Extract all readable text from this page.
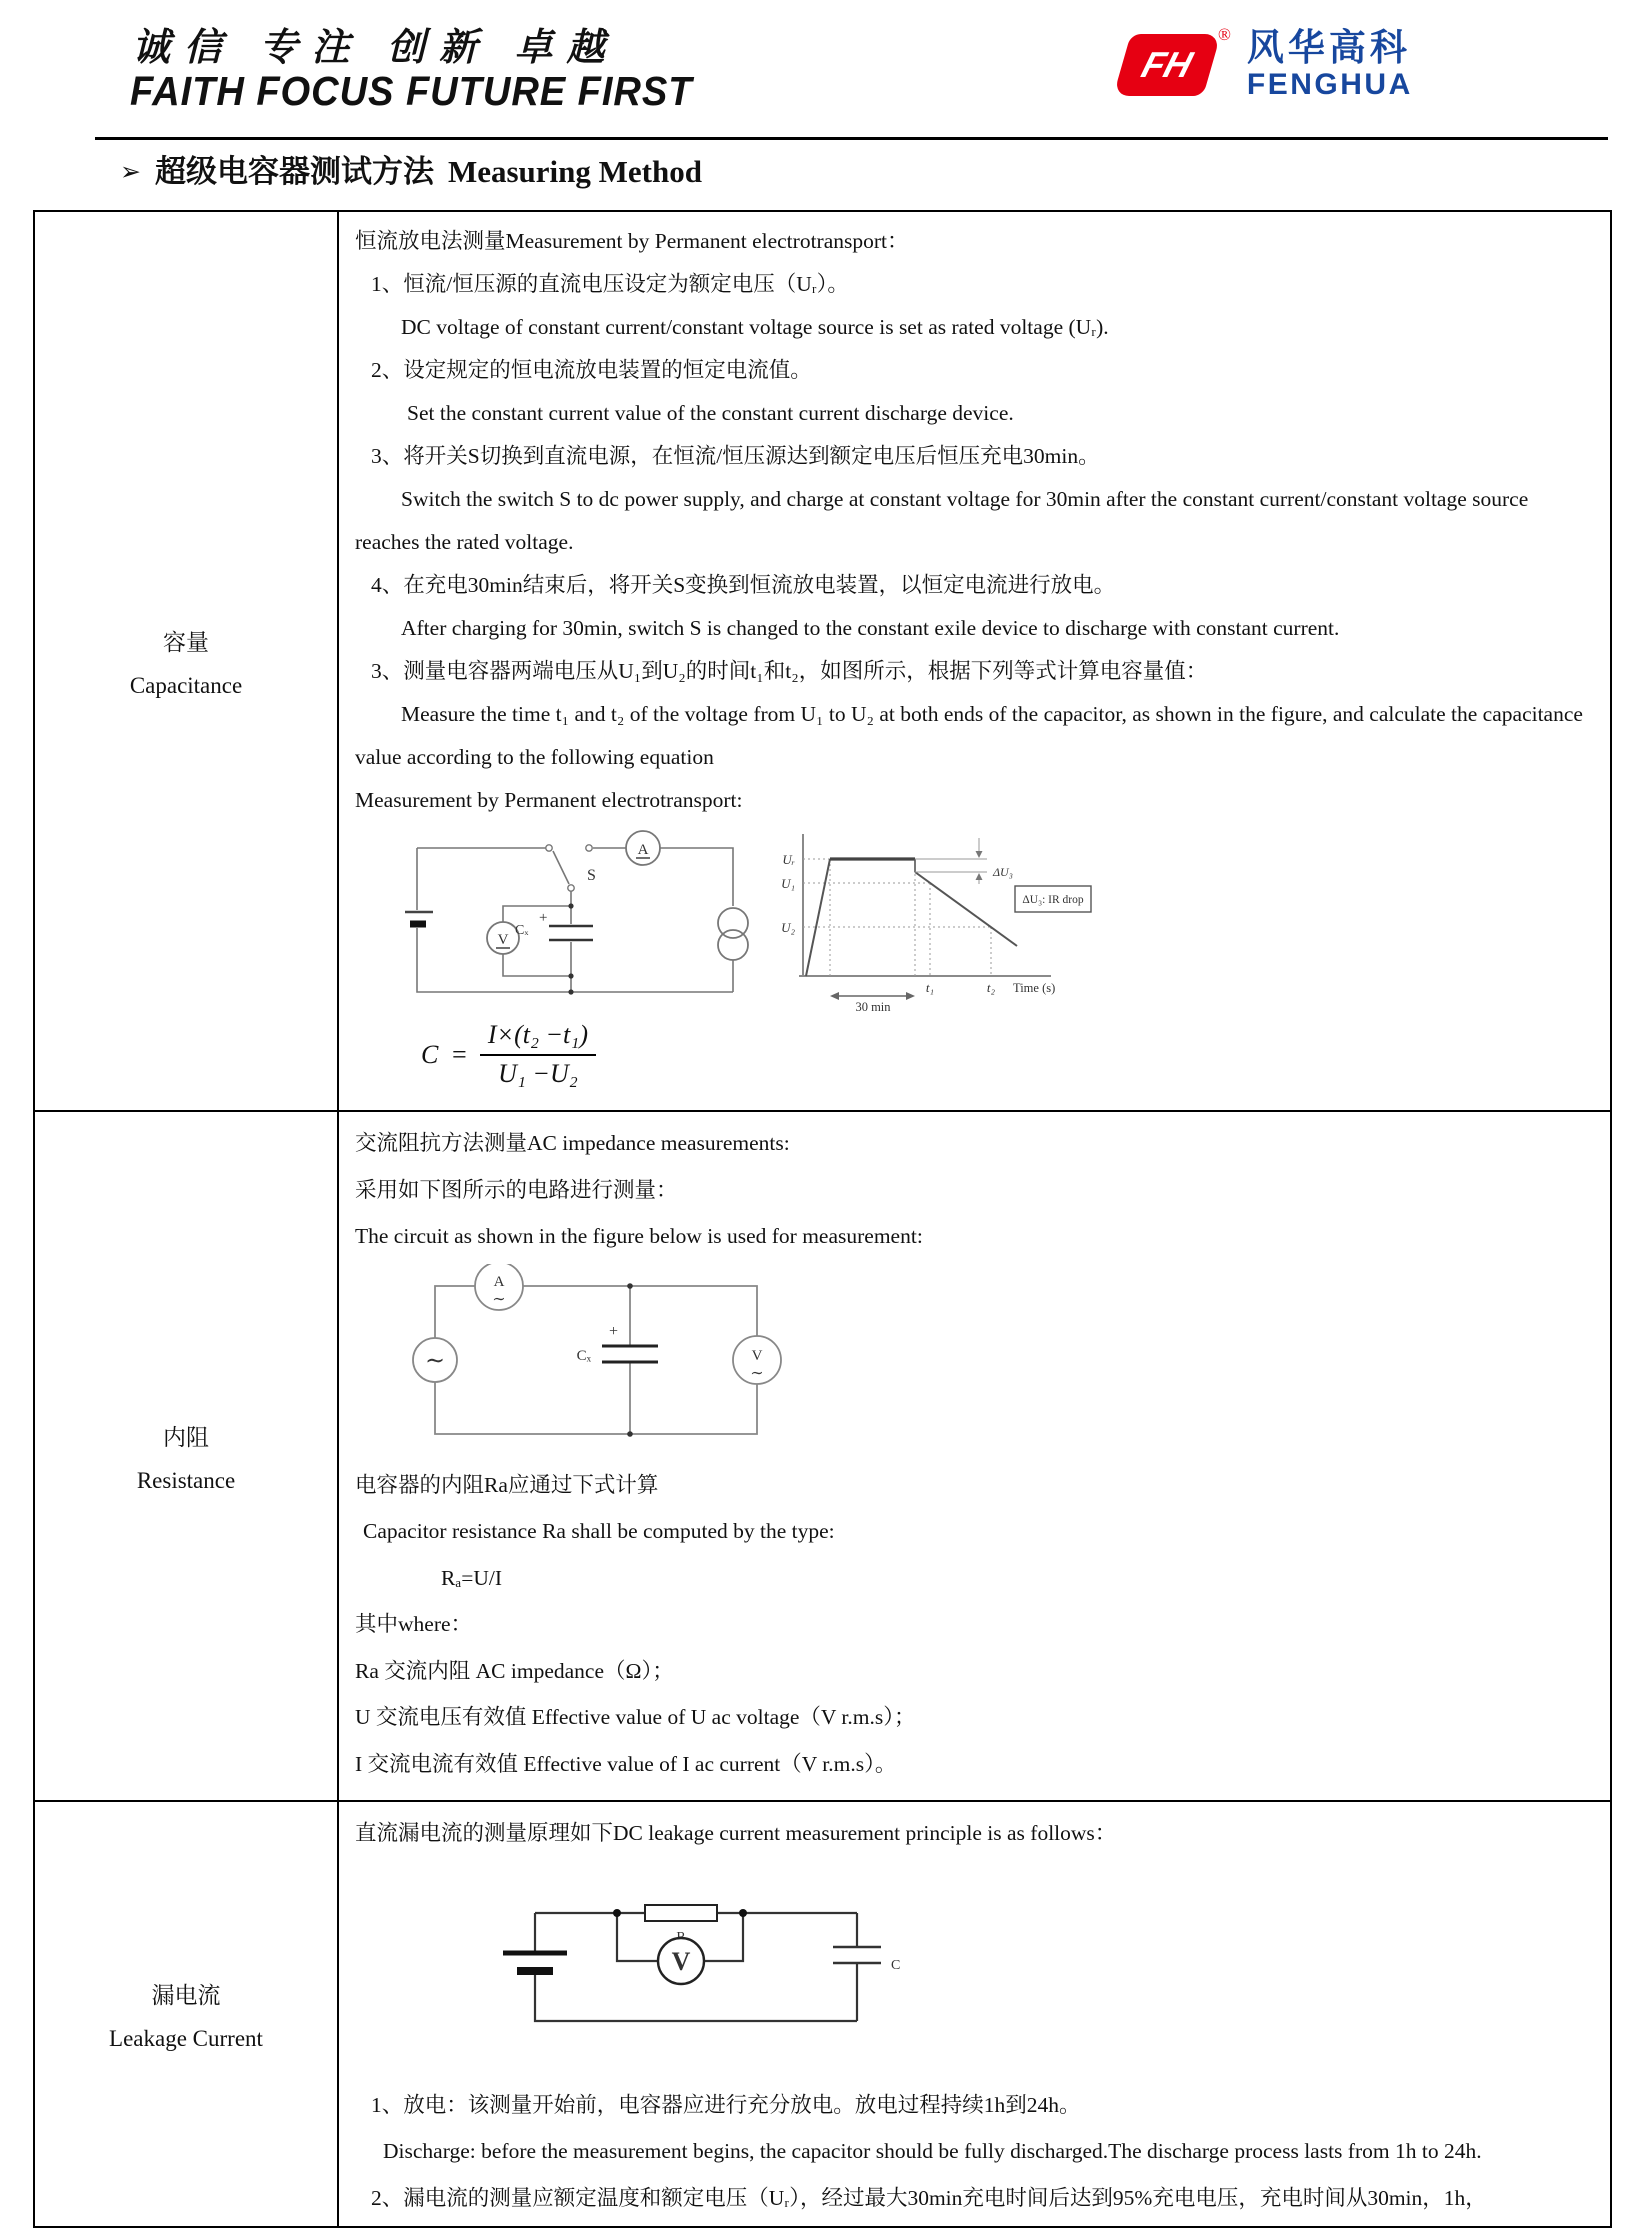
诚信 专注 创新 卓越
FAITH FOCUS FUTURE FIRST
FH
® 风华高科
FENGHUA
➢ 超级电容器测试方法 Measuring Method
容量
Capacitance

恒流放电法测量Measurement by Permanent electrotransport：

1、恒流/恒压源的直流电压设定为额定电压（Uᵣ）。

DC voltage of constant current/constant voltage source is set as rated voltage (Uᵣ).

2、设定规定的恒电流放电装置的恒定电流值。

Set the constant current value of the constant current discharge device.

3、将开关S切换到直流电源，在恒流/恒压源达到额定电压后恒压充电30min。

Switch the switch S to dc power supply, and charge at constant voltage for 30min after the constant current/constant voltage source reaches the rated voltage.

4、在充电30min结束后，将开关S变换到恒流放电装置，以恒定电流进行放电。

After charging for 30min, switch S is changed to the constant exile device to discharge with constant current.

3、测量电容器两端电压从U₁到U₂的时间t₁和t₂，如图所示，根据下列等式计算电容量值：

Measure the time t₁ and t₂ of the voltage from U₁ to U₂ at both ends of the capacitor, as shown in the figure, and calculate the capacitance value according to the following equation

Measurement by Permanent electrotransport:

V
A
S
+
Cₓ
ΔU₃
ΔU₃: IR drop
Uᵣ
U₁
U₂
t₁	t₂ Time (s)
30 min
$C = \frac{\text{I×(t₂ −t₁)}}{\text{U₁ −U₂}}$
内阻
Resistance

交流阻抗方法测量AC impedance measurements:

采用如下图所示的电路进行测量：

The circuit as shown in the figure below is used for measurement:

∼
A
∼
+
Cₓ	V
∼

电容器的内阻Ra应通过下式计算

Capacitor resistance Ra shall be computed by the type:

Rₐ=U/I

其中where：

Ra 交流内阻 AC impedance（Ω）；

U 交流电压有效值 Effective value of U ac voltage（V r.m.s）；

I 交流电流有效值 Effective value of I ac current（V r.m.s）。

漏电流
Leakage Current

直流漏电流的测量原理如下DC leakage current measurement principle is as follows：

V	C

1、放电：该测量开始前，电容器应进行充分放电。放电过程持续1h到24h。

Discharge: before the measurement begins, the capacitor should be fully discharged.The discharge process lasts from 1h to 24h.

2、漏电流的测量应额定温度和额定电压（Uᵣ），经过最大30min充电时间后达到95%充电电压，充电时间从30min，1h，
